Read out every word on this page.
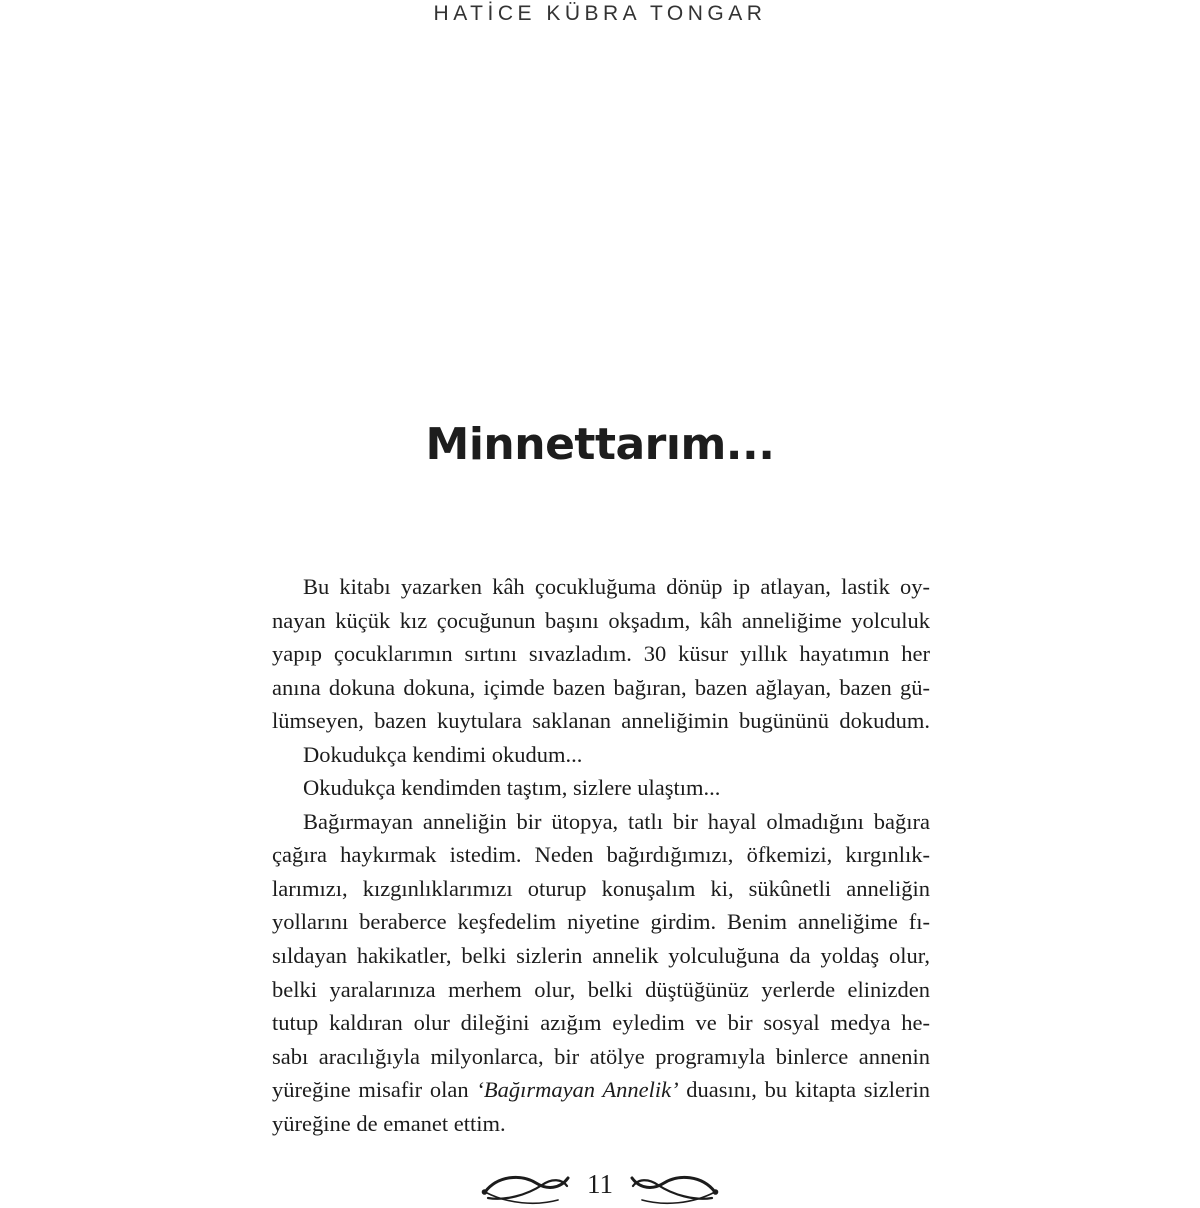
HATİCE KÜBRA TONGAR
Minnettarım...
Bu kitabı yazarken kâh çocukluğuma dönüp ip atlayan, lastik oy-
nayan küçük kız çocuğunun başını okşadım, kâh anneliğime yolculuk
yapıp çocuklarımın sırtını sıvazladım. 30 küsur yıllık hayatımın her
anına dokuna dokuna, içimde bazen bağıran, bazen ağlayan, bazen gü-
lümseyen, bazen kuytulara saklanan anneliğimin bugününü dokudum.
Dokudukça kendimi okudum...
Okudukça kendimden taştım, sizlere ulaştım...
Bağırmayan anneliğin bir ütopya, tatlı bir hayal olmadığını bağıra
çağıra haykırmak istedim. Neden bağırdığımızı, öfkemizi, kırgınlık-
larımızı, kızgınlıklarımızı oturup konuşalım ki, sükûnetli anneliğin
yollarını beraberce keşfedelim niyetine girdim. Benim anneliğime fı-
sıldayan hakikatler, belki sizlerin annelik yolculuğuna da yoldaş olur,
belki yaralarınıza merhem olur, belki düştüğünüz yerlerde elinizden
tutup kaldıran olur dileğini azığım eyledim ve bir sosyal medya he-
sabı aracılığıyla milyonlarca, bir atölye programıyla binlerce annenin
yüreğine misafir olan ‘Bağırmayan Annelik’ duasını, bu kitapta sizlerin
yüreğine de emanet ettim.
11
